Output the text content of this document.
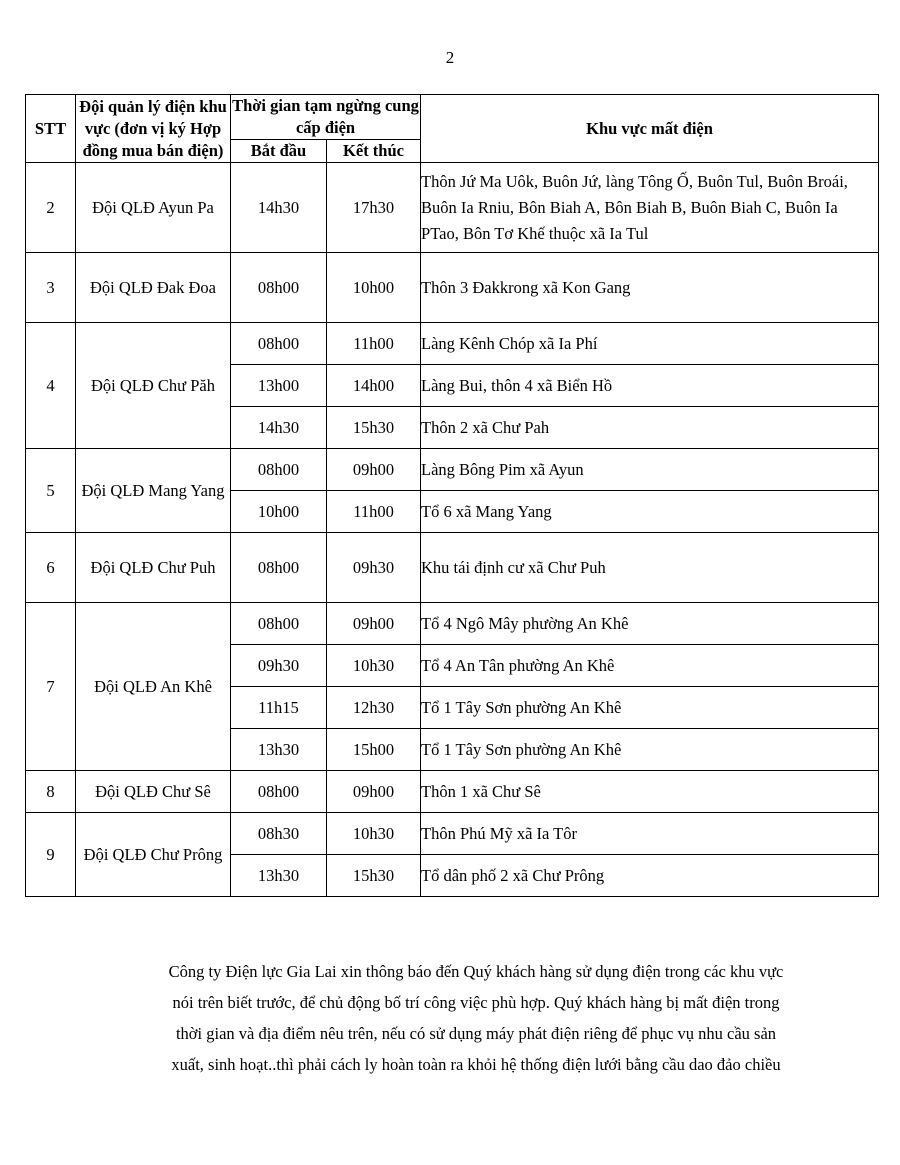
2
STT	Đội quản lý điện khu vực (đơn vị ký Hợp đồng mua bán điện)	Thời gian tạm ngừng cung cấp điện		Khu vực mất điện
		Bắt đầu	Kết thúc	
2	Đội QLĐ Ayun Pa	14h30	17h30	Thôn Jứ Ma Uôk, Buôn Jứ, làng Tông Ố, Buôn Tul, Buôn Broái, Buôn Ia Rniu, Bôn Biah A, Bôn Biah B, Buôn Biah C, Buôn Ia PTao, Bôn Tơ Khế thuộc xã Ia Tul
3	Đội QLĐ Đak Đoa	08h00	10h00	Thôn 3 Đakkrong xã Kon Gang
4	Đội QLĐ Chư Păh	08h00	11h00	Làng Kênh Chóp xã Ia Phí
		13h00	14h00	Làng Bui, thôn 4 xã Biển Hồ
		14h30	15h30	Thôn 2 xã Chư Pah
5	Đội QLĐ Mang Yang	08h00	09h00	Làng Bông Pim xã Ayun
		10h00	11h00	Tổ 6 xã Mang Yang
6	Đội QLĐ Chư Puh	08h00	09h30	Khu tái định cư xã Chư Puh
7	Đội QLĐ An Khê	08h00	09h00	Tổ 4 Ngô Mây phường An Khê
		09h30	10h30	Tổ 4 An Tân phường An Khê
		11h15	12h30	Tổ 1 Tây Sơn phường An Khê
		13h30	15h00	Tổ 1 Tây Sơn phường An Khê
8	Đội QLĐ Chư Sê	08h00	09h00	Thôn 1 xã Chư Sê
9	Đội QLĐ Chư Prông	08h30	10h30	Thôn Phú Mỹ xã Ia Tôr
		13h30	15h30	Tổ dân phố 2 xã Chư Prông

Công ty Điện lực Gia Lai xin thông báo đến Quý khách hàng sử dụng điện trong các khu vực
nói trên biết trước, để chủ động bố trí công việc phù hợp. Quý khách hàng bị mất điện trong
thời gian và địa điểm nêu trên, nếu có sử dụng máy phát điện riêng để phục vụ nhu cầu sản
xuất, sinh hoạt..thì phải cách ly hoàn toàn ra khỏi hệ thống điện lưới bằng cầu dao đảo chiều
